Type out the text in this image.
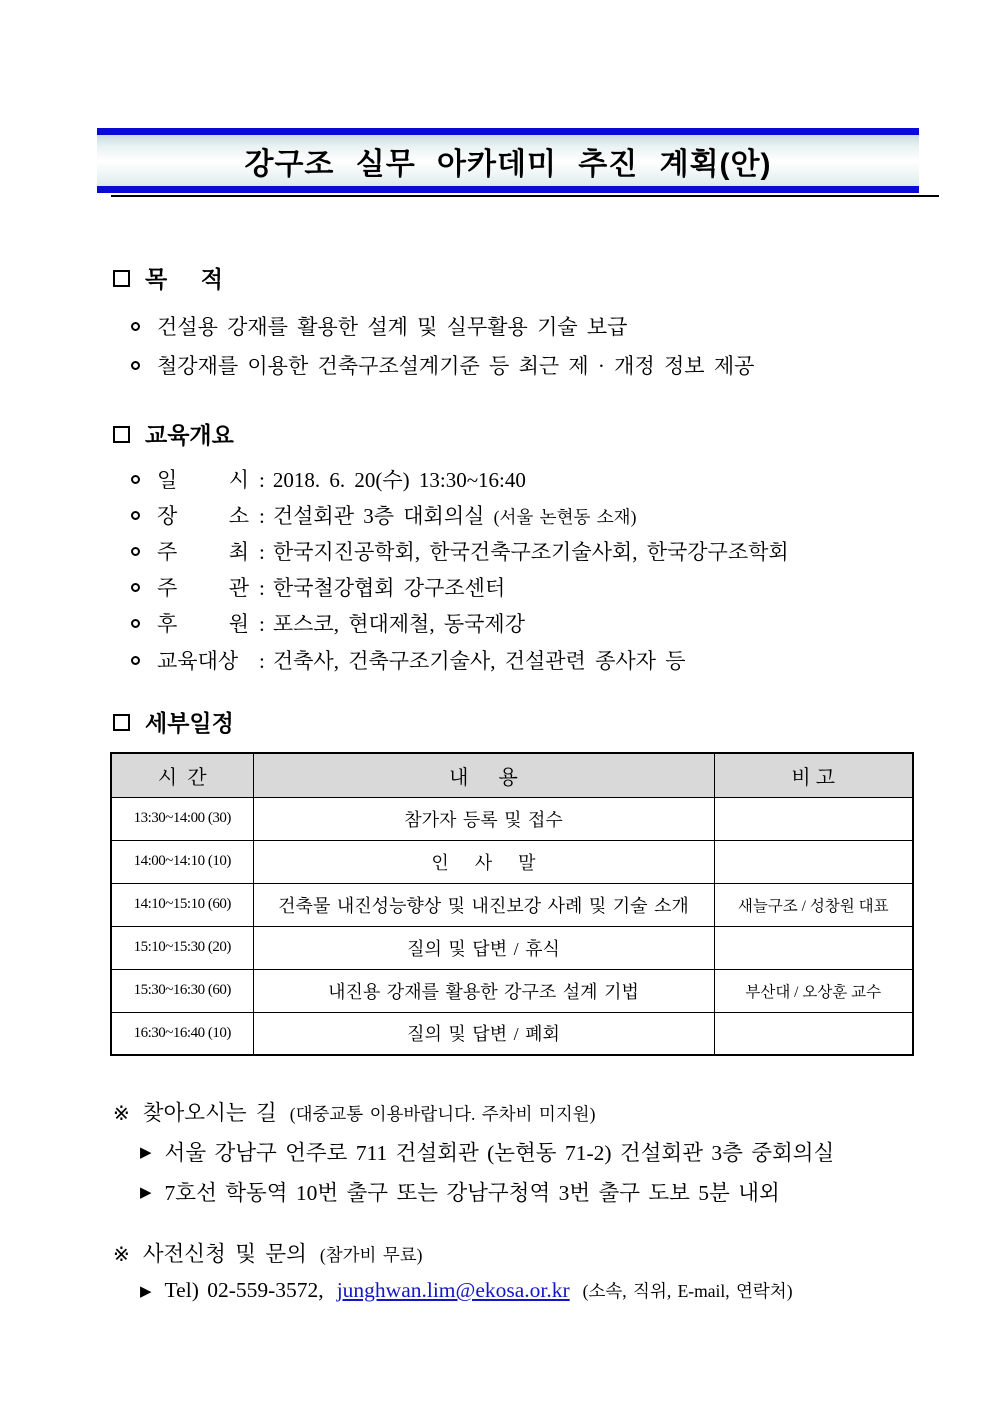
강구조 실무 아카데미 추진 계획(안)
목 적
건설용 강재를 활용한 설계 및 실무활용 기술 보급
철강재를 이용한 건축구조설계기준 등 최근 제 · 개정 정보 제공
교육개요
일 시 : 2018. 6. 20(수) 13:30~16:40
장 소 : 건설회관 3층 대회의실 (서울 논현동 소재)
주 최 : 한국지진공학회, 한국건축구조기술사회, 한국강구조학회
주 관 : 한국철강협회 강구조센터
후 원 : 포스코, 현대제철, 동국제강
교육대상 : 건축사, 건축구조기술사, 건설관련 종사자 등
세부일정
시  간	내      용	비 고
13:30~14:00 (30)	참가자 등록 및 접수	
14:00~14:10 (10)	인    사    말	
14:10~15:10 (60)	건축물 내진성능향상 및 내진보강 사례 및 기술 소개	새늘구조 / 성창원 대표
15:10~15:30 (20)	질의 및 답변 / 휴식	
15:30~16:30 (60)	내진용 강재를 활용한 강구조 설계 기법	부산대 / 오상훈 교수
16:30~16:40 (10)	질의 및 답변 / 폐회	
※ 찾아오시는 길 (대중교통 이용바랍니다. 주차비 미지원)
▶ 서울 강남구 언주로 711 건설회관 (논현동 71-2) 건설회관 3층 중회의실
▶ 7호선 학동역 10번 출구 또는 강남구청역 3번 출구 도보 5분 내외
※ 사전신청 및 문의 (참가비 무료)
▶ Tel) 02-559-3572, junghwan.lim@ekosa.or.kr (소속, 직위, E-mail, 연락처)
